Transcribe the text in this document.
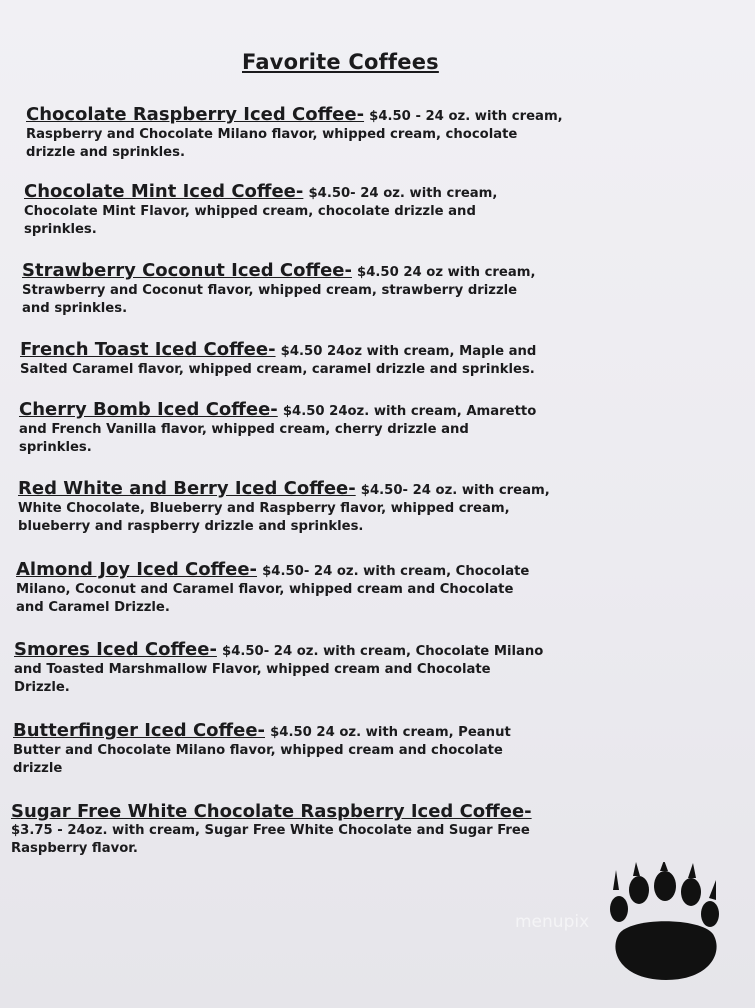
Favorite Coffees
Chocolate Raspberry Iced Coffee- $4.50 - 24 oz. with cream,
Raspberry and Chocolate Milano flavor, whipped cream, chocolate
drizzle and sprinkles.
Chocolate Mint Iced Coffee- $4.50- 24 oz. with cream,
Chocolate Mint Flavor, whipped cream, chocolate drizzle and
sprinkles.
Strawberry Coconut Iced Coffee- $4.50 24 oz with cream,
Strawberry and Coconut flavor, whipped cream, strawberry drizzle
and sprinkles.
French Toast Iced Coffee- $4.50 24oz with cream, Maple and
Salted Caramel flavor, whipped cream, caramel drizzle and sprinkles.
Cherry Bomb Iced Coffee- $4.50 24oz. with cream, Amaretto
and French Vanilla flavor, whipped cream, cherry drizzle and
sprinkles.
Red White and Berry Iced Coffee- $4.50- 24 oz. with cream,
White Chocolate, Blueberry and Raspberry flavor, whipped cream,
blueberry and raspberry drizzle and sprinkles.
Almond Joy Iced Coffee- $4.50- 24 oz. with cream, Chocolate
Milano, Coconut and Caramel flavor, whipped cream and Chocolate
and Caramel Drizzle.
Smores Iced Coffee- $4.50- 24 oz. with cream, Chocolate Milano
and Toasted Marshmallow Flavor, whipped cream and Chocolate
Drizzle.
Butterfinger Iced Coffee- $4.50 24 oz. with cream, Peanut
Butter and Chocolate Milano flavor, whipped cream and chocolate
drizzle
Sugar Free White Chocolate Raspberry Iced Coffee-
$3.75 - 24oz. with cream, Sugar Free White Chocolate and Sugar Free
Raspberry flavor.
menupix
